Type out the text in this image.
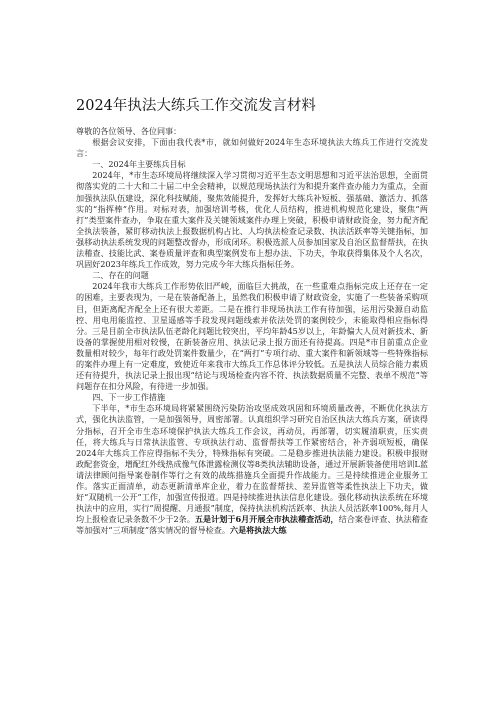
2024年执法大练兵工作交流发言材料

尊敬的各位领导、各位同事：

根据会议安排，下面由我代表*市，就如何做好2024年生态环境执法大练兵工作进行交流发言：

一、2024年主要练兵目标

2024年，*市生态环境局将继续深入学习贯彻习近平生态文明思想和习近平法治思想，全面贯彻落实党的二十大和二十届二中全会精神，以规范现场执法行为和提升案件查办能力为重点，全面加强执法队伍建设，深化科技赋能，聚焦效能提升，发挥好大练兵补短板、强基础、激活力、抓落实的“指挥棒”作用。对标对表，加强培训考核，优化人员结构，推进机构规范化建设，聚焦“两打”类型案件查办，争取在重大案件及关键领域案件办理上突破，积极申请财政资金，努力配齐配全执法装备，紧盯移动执法上报数据机构占比、人均执法检查记录数、执法活跃率等关键指标，加强移动执法系统发现的问题整改督办，形成闭环。积极选派人员参加国家及自治区监督帮扶，在执法稽查、技能比武、案卷质量评查和典型案例发布上想办法、下功夫，争取获得集体及个人名次，巩固好2023年练兵工作成效，努力完成今年大练兵指标任务。

二、存在的问题

2024年我市大练兵工作形势依旧严峻，面临巨大挑战，在一些重难点指标完成上还存在一定的困难，主要表现为，一是在装备配备上，虽然我们积极申请了财政资金，实施了一些装备采购项目，但距离配齐配全上还有很大差距。二是在推行非现场执法工作有待加强，运用污染源自动监控、用电用能监控、卫星遥感等手段发现问题线索并依法处罚的案例较少，未能取得相应指标得分。三是目前全市执法队伍老龄化问题比较突出，平均年龄45岁以上，年龄偏大人员对新技术、新设备的掌握使用相对较慢，在新装备应用、执法记录上报方面还有待提高。四是*市目前重点企业数量相对较少，每年行政处罚案件数量少，在“两打”专项行动、重大案件和新领域等一些特殊指标的案件办理上有一定难度，致使近年来我市大练兵工作总体评分较低。五是执法人员综合能力素质还有待提升，执法记录上报出现“结论与现场检查内容不符、执法数据质量不完整、表单不规范”等问题存在扣分风险，有待进一步加强。

四、下一步工作措施

下半年，*市生态环境局将紧紧围绕污染防治攻坚成效巩固和环境质量改善，不断优化执法方式，强化执法监管，一是加强领导，周密部署。认真组织学习研究自治区执法大练兵方案，研读得分指标，召开全市生态环境保护执法大练兵工作会议，再动员，再部署，切实履清职责，压实责任，将大练兵与日常执法监管、专项执法行动、监督帮扶等工作紧密结合，补齐弱项短板，确保2024年大练兵工作应得指标不失分，特殊指标有突破。二是稳步推进执法能力建设。积极申报财政配套资金，增配红外线热成像气体泄露检测仪等8类执法辅助设备，通过开展新装备使用培训L蓝请法律顾问指导案卷制作等行之有效的战练措施兵全面提升作战能力。三是持续推进企业服务工作。落实正面清单，动态更新清单库企业，着力在监督帮扶、差异监管等柔性执法上下功夫，做好“双随机一公开”工作，加强宣传报道。四是持续推进执法信息化建设。强化移动执法系统在环境执法中的应用，实行“周提醒、月通报”制度，保持执法机构活跃率、执法人员活跃率100%,每月人均上报检查记录条数不少于2条。五是计划于6月开展全市执法稽查活动，结合案卷评查、执法稽查等加强对“三项制度”落实情况的督导检查。六是将执法大练
